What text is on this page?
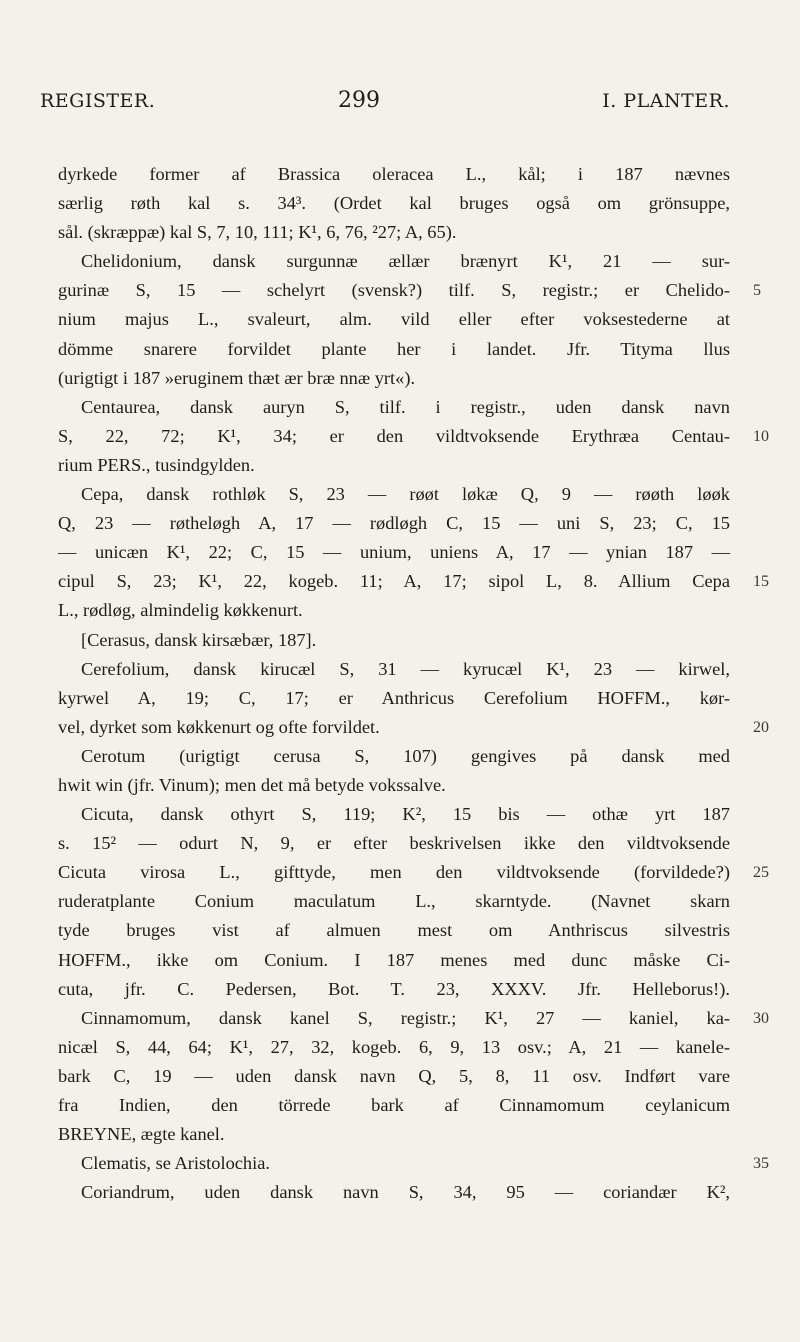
REGISTER.	299	I. PLANTER.
dyrkede former af Brassica oleracea L., kål; i 187 nævnes
særlig røth kal s. 34³. (Ordet kal bruges også om grönsuppe,
sål. (skræppæ) kal S, 7, 10, 111; K¹, 6, 76, ²27; A, 65).
Chelidonium, dansk surgunnæ ællær brænyrt K¹, 21 — sur-
gurinæ S, 15 — schelyrt (svensk?) tilf. S, registr.; er Chelido- 5
nium majus L., svaleurt, alm. vild eller efter voksestederne at
dömme snarere forvildet plante her i landet. Jfr. Tityma llus
(urigtigt i 187 »eruginem thæt ær bræ nnæ yrt«).
Centaurea, dansk auryn S, tilf. i registr., uden dansk navn
S, 22, 72; K¹, 34; er den vildtvoksende Erythræa Centau- 10
rium PERS., tusindgylden.
Cepa, dansk rothløk S, 23 — røøt løkæ Q, 9 — røøth løøk
Q, 23 — røtheløgh A, 17 — rødløgh C, 15 — uni S, 23; C, 15
— unicæn K¹, 22; C, 15 — unium, uniens A, 17 — ynian 187 —
cipul S, 23; K¹, 22, kogeb. 11; A, 17; sipol L, 8. Allium Cepa 15
L., rødløg, almindelig køkkenurt.
[Cerasus, dansk kirsæbær, 187].
Cerefolium, dansk kirucæl S, 31 — kyrucæl K¹, 23 — kirwel,
kyrwel A, 19; C, 17; er Anthricus Cerefolium HOFFM., kør-
vel, dyrket som køkkenurt og ofte forvildet.	20
Cerotum (urigtigt cerusa S, 107) gengives på dansk med
hwit win (jfr. Vinum); men det må betyde vokssalve.
Cicuta, dansk othyrt S, 119; K², 15 bis — othæ yrt 187
s. 15² — odurt N, 9, er efter beskrivelsen ikke den vildtvoksende
Cicuta virosa L., gifttyde, men den vildtvoksende (forvildede?) 25
ruderatplante Conium maculatum L., skarntyde. (Navnet skarn
tyde bruges vist af almuen mest om Anthriscus silvestris
HOFFM., ikke om Conium. I 187 menes med dunc måske Ci-
cuta, jfr. C. Pedersen, Bot. T. 23, XXXV. Jfr. Helleborus!).
Cinnamomum, dansk kanel S, registr.; K¹, 27 — kaniel, ka- 30
nicæl S, 44, 64; K¹, 27, 32, kogeb. 6, 9, 13 osv.; A, 21 — kanele-
bark C, 19 — uden dansk navn Q, 5, 8, 11 osv. Indført vare
fra Indien, den törrede bark af Cinnamomum ceylanicum
BREYNE, ægte kanel.
Clematis, se Aristolochia.	35
Coriandrum, uden dansk navn S, 34, 95 — coriandær K²,
